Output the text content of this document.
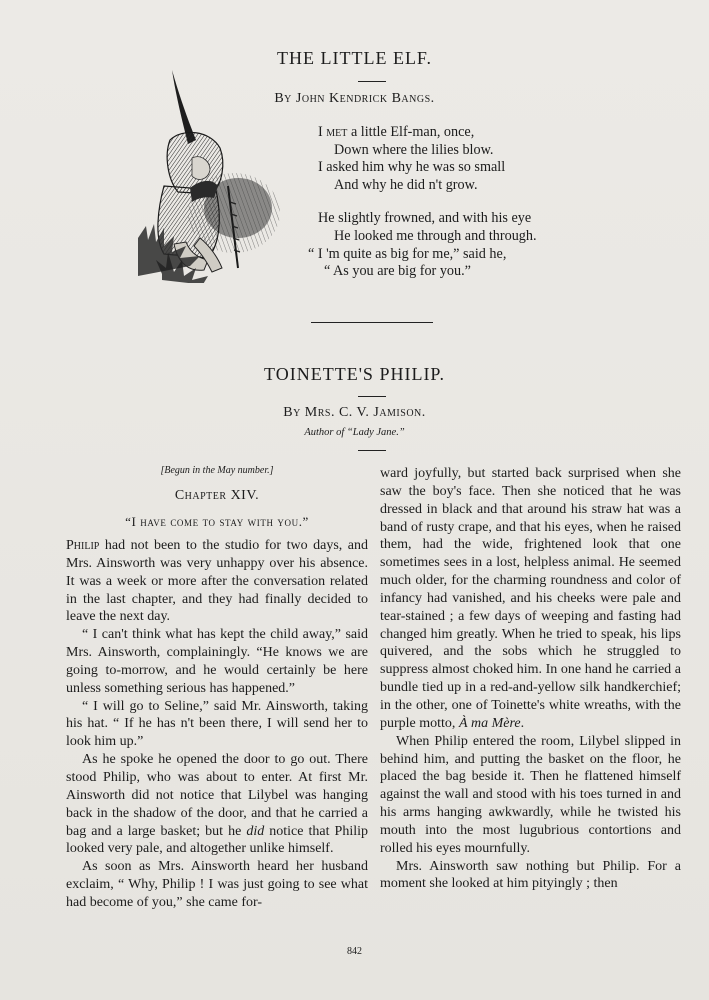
THE LITTLE ELF.
By John Kendrick Bangs.
I met a little Elf-man, once,
Down where the lilies blow.
I asked him why he was so small
And why he did n't grow.
He slightly frowned, and with his eye
He looked me through and through.
“ I 'm quite as big for me,” said he,
“ As you are big for you.”
TOINETTE'S PHILIP.
By Mrs. C. V. Jamison.
Author of “Lady Jane.”
[Begun in the May number.]
Chapter XIV.
“I have come to stay with you.”

Philip had not been to the studio for two days, and Mrs. Ainsworth was very unhappy over his absence. It was a week or more after the conversation related in the last chapter, and they had finally decided to leave the next day.

“ I can't think what has kept the child away,” said Mrs. Ainsworth, complainingly. “He knows we are going to-morrow, and he would certainly be here unless something serious has happened.”

“ I will go to Seline,” said Mr. Ainsworth, taking his hat. “ If he has n't been there, I will send her to look him up.”

As he spoke he opened the door to go out. There stood Philip, who was about to enter. At first Mr. Ainsworth did not notice that Lilybel was hanging back in the shadow of the door, and that he carried a bag and a large basket; but he did notice that Philip looked very pale, and altogether unlike himself.

As soon as Mrs. Ainsworth heard her husband exclaim, “ Why, Philip ! I was just going to see what had become of you,” she came for-

ward joyfully, but started back surprised when she saw the boy's face. Then she noticed that he was dressed in black and that around his straw hat was a band of rusty crape, and that his eyes, when he raised them, had the wide, frightened look that one sometimes sees in a lost, helpless animal. He seemed much older, for the charming roundness and color of infancy had vanished, and his cheeks were pale and tear-stained ; a few days of weeping and fasting had changed him greatly. When he tried to speak, his lips quivered, and the sobs which he struggled to suppress almost choked him. In one hand he carried a bundle tied up in a red-and-yellow silk handkerchief; in the other, one of Toinette's white wreaths, with the purple motto, À ma Mère.

When Philip entered the room, Lilybel slipped in behind him, and putting the basket on the floor, he placed the bag beside it. Then he flattened himself against the wall and stood with his toes turned in and his arms hanging awkwardly, while he twisted his mouth into the most lugubrious contortions and rolled his eyes mournfully.

Mrs. Ainsworth saw nothing but Philip. For a moment she looked at him pityingly ; then

842
